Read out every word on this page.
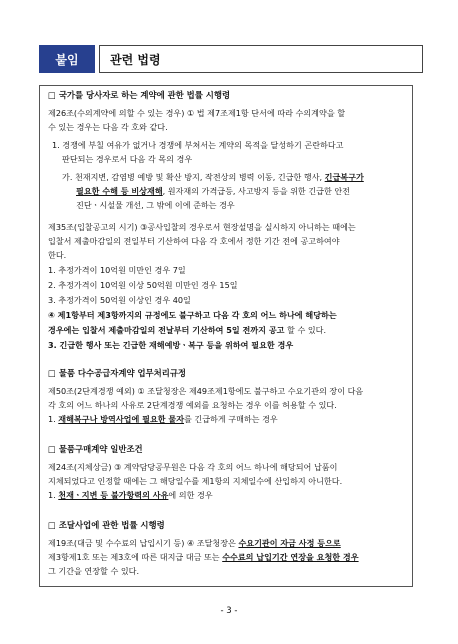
붙임	관련 법령
□ 국가를 당사자로 하는 계약에 관한 법률 시행령
제26조(수의계약에 의할 수 있는 경우) ① 법 제7조제1항 단서에 따라 수의계약을 할
수 있는 경우는 다음 각 호와 같다.
1. 경쟁에 부칠 여유가 없거나 경쟁에 부쳐서는 계약의 목적을 달성하기 곤란하다고
판단되는 경우로서 다음 각 목의 경우
가. 천재지변, 감염병 예방 및 확산 방지, 작전상의 병력 이동, 긴급한 행사, 긴급복구가
필요한 수해 등 비상재해, 원자재의 가격급등, 사고방지 등을 위한 긴급한 안전
진단ㆍ시설물 개선, 그 밖에 이에 준하는 경우
제35조(입찰공고의 시기) ③공사입찰의 경우로서 현장설명을 실시하지 아니하는 때에는
입찰서 제출마감일의 전일부터 기산하여 다음 각 호에서 정한 기간 전에 공고하여야
한다.
1. 추정가격이 10억원 미만인 경우 7일
2. 추정가격이 10억원 이상 50억원 미만인 경우 15일
3. 추정가격이 50억원 이상인 경우 40일
④ 제1항부터 제3항까지의 규정에도 불구하고 다음 각 호의 어느 하나에 해당하는
경우에는 입찰서 제출마감일의 전날부터 기산하여 5일 전까지 공고 할 수 있다.
3. 긴급한 행사 또는 긴급한 재해예방ㆍ복구 등을 위하여 필요한 경우
□ 물품 다수공급자계약 업무처리규정
제50조(2단계경쟁 예외) ① 조달청장은 제49조제1항에도 불구하고 수요기관의 장이 다음
각 호의 어느 하나의 사유로 2단계경쟁 예외를 요청하는 경우 이를 허용할 수 있다.
1. 재해복구나 방역사업에 필요한 물자를 긴급하게 구매하는 경우
□ 물품구매계약 일반조건
제24조(지체상금) ③ 계약담당공무원은 다음 각 호의 어느 하나에 해당되어 납품이
지체되었다고 인정할 때에는 그 해당일수를 제1항의 지체일수에 산입하지 아니한다.
1. 천재ㆍ지변 등 불가항력의 사유에 의한 경우
□ 조달사업에 관한 법률 시행령
제19조(대금 및 수수료의 납입시기 등) ④ 조달청장은 수요기관이 자금 사정 등으로
제3항제1호 또는 제3호에 따른 대지급 대금 또는 수수료의 납입기간 연장을 요청한 경우
그 기간을 연장할 수 있다.
- 3 -
